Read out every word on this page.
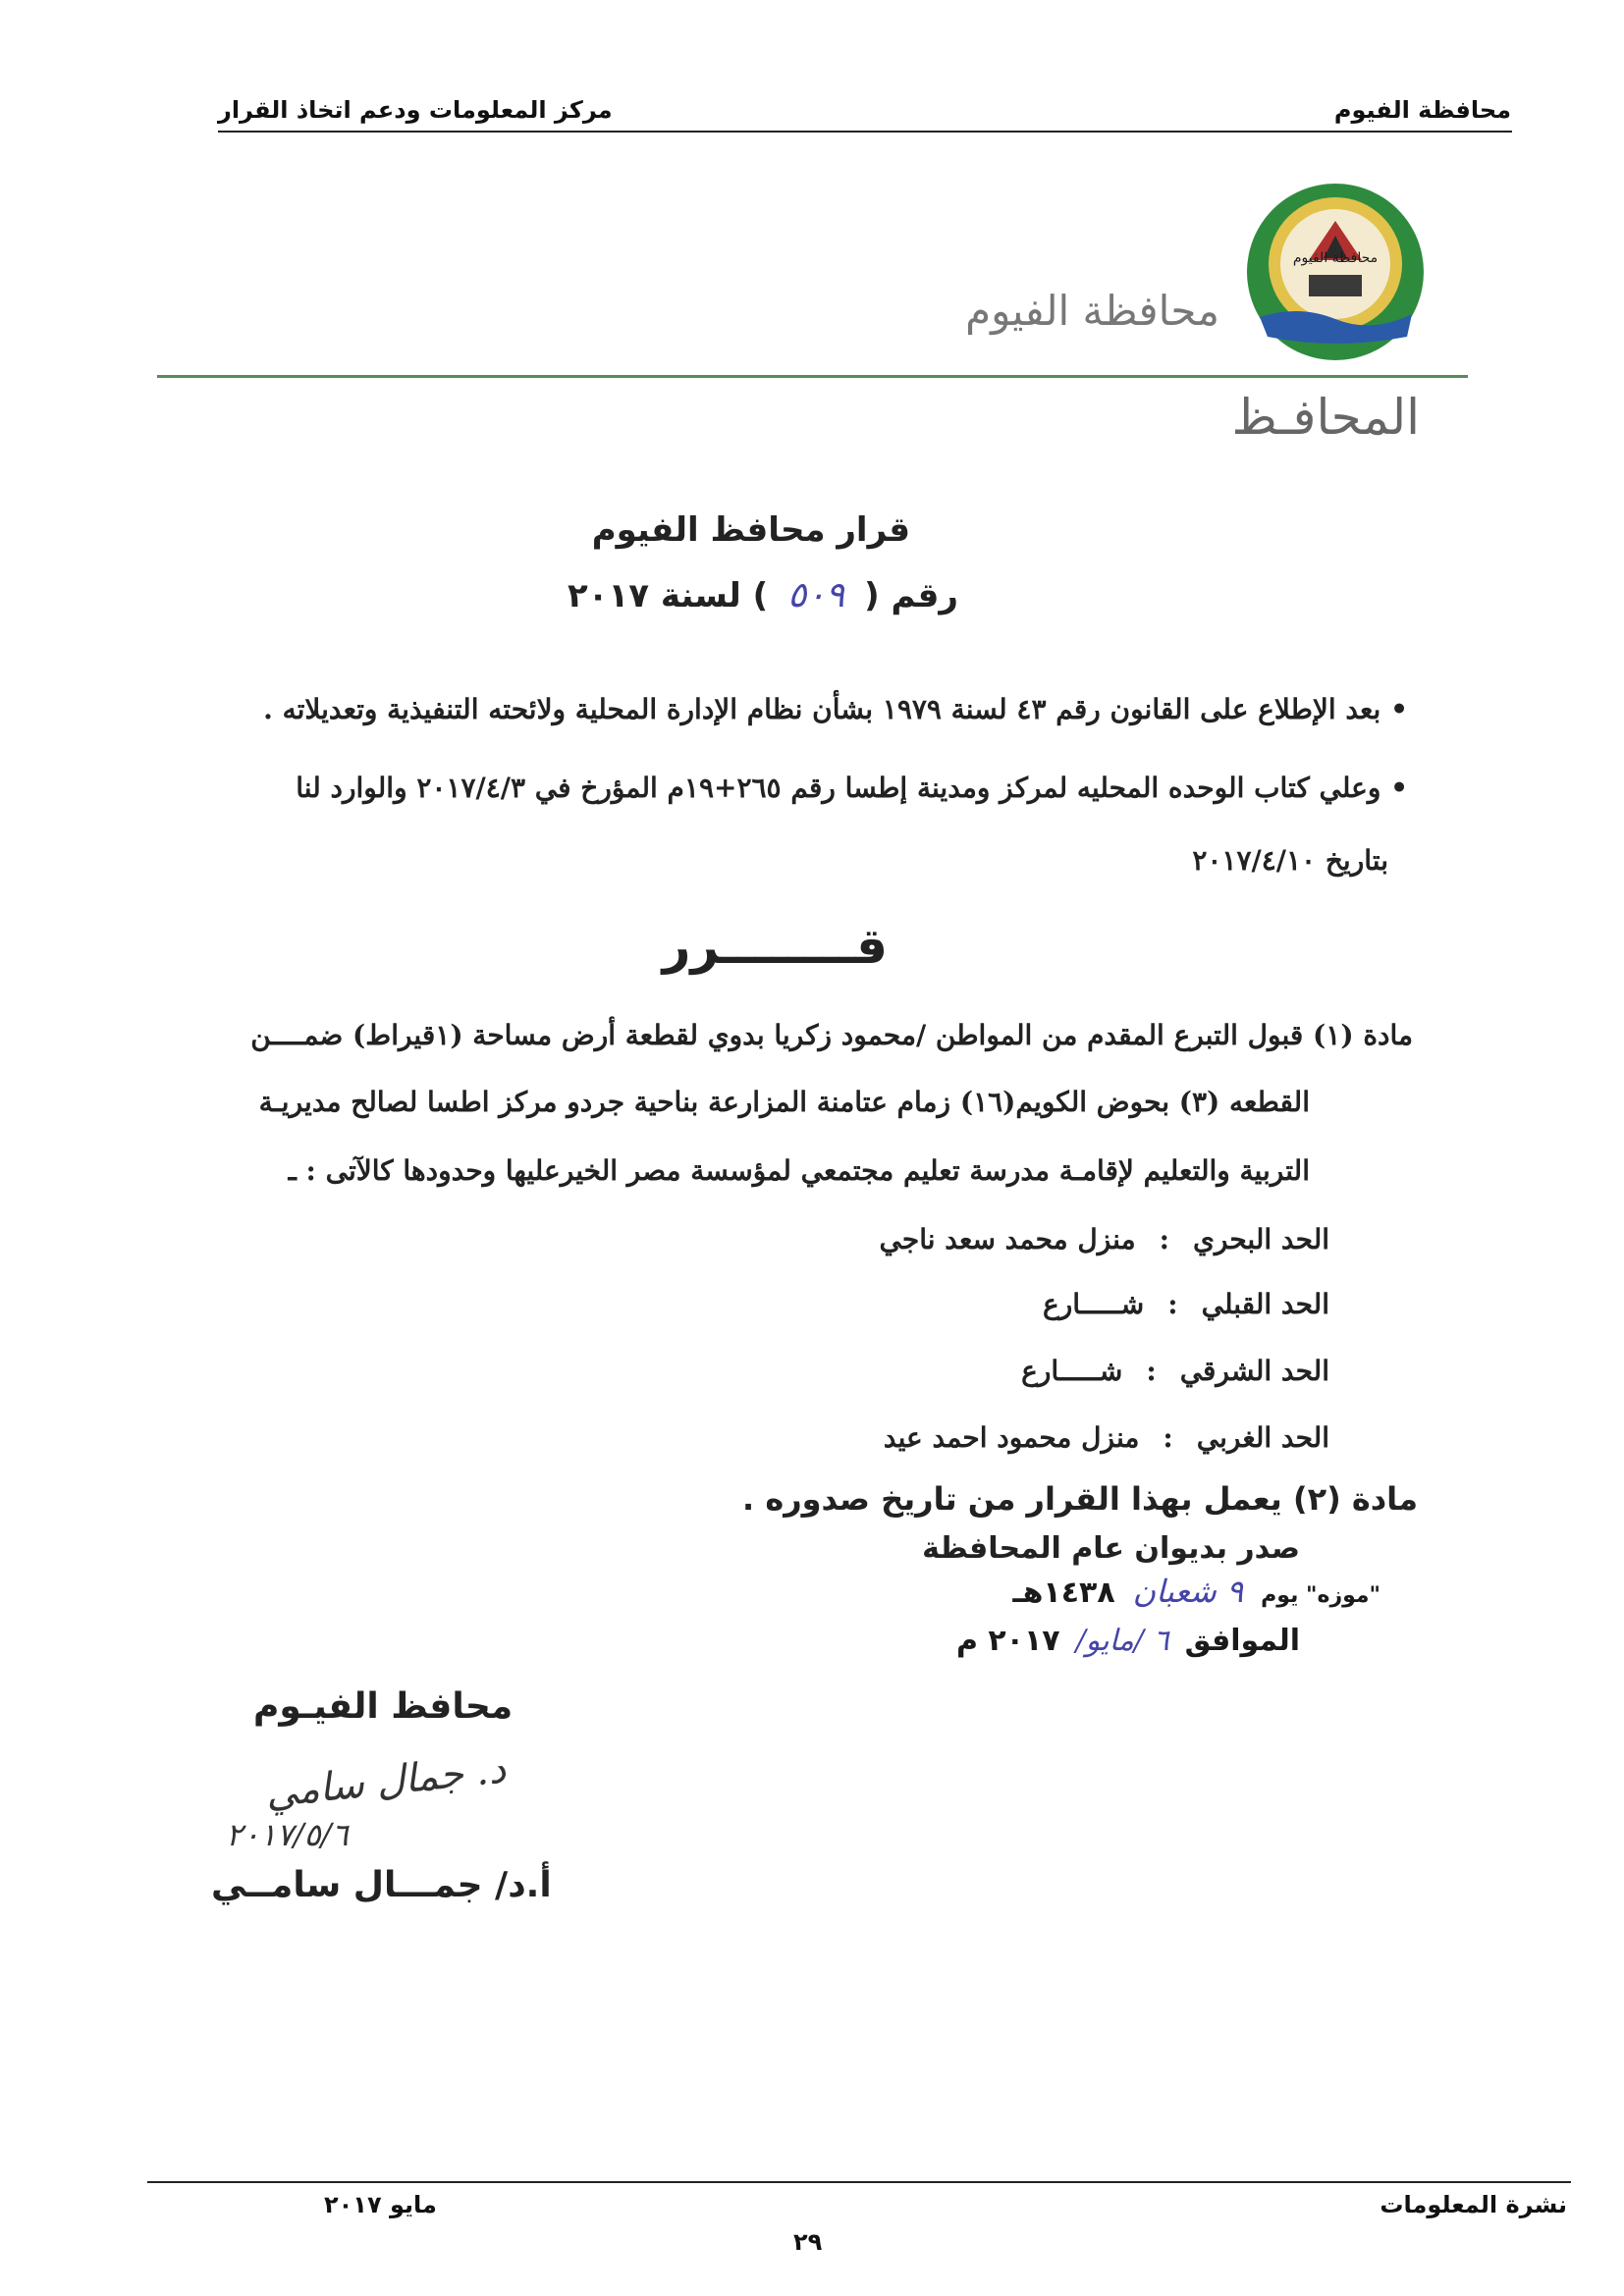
محافظة الفيوم
مركز المعلومات ودعم اتخاذ القرار
محافظة الفيوم
محافظة الفيوم
المحافـظ
قرار محافظ الفيوم
رقم (
٥٠٩
) لسنة ٢٠١٧
• بعد الإطلاع على القانون رقم ٤٣ لسنة ١٩٧٩ بشأن نظام الإدارة المحلية ولائحته التنفيذية وتعديلاته .
• وعلي كتاب الوحده المحليه لمركز ومدينة إطسا رقم ٢٦٥+١٩م المؤرخ في ٢٠١٧/٤/٣ والوارد لنا
بتاريخ ٢٠١٧/٤/١٠
قــــــــرر
مادة (١) قبول التبرع المقدم من المواطن /محمود زكريا بدوي لقطعة أرض مساحة (١قيراط) ضمــــن
القطعه (٣) بحوض الكويم(١٦) زمام عتامنة المزارعة بناحية جردو مركز اطسا لصالح مديريـة
التربية والتعليم لإقامـة مدرسة تعليم مجتمعي لمؤسسة مصر الخيرعليها وحدودها كالآتى : ـ
الحد البحري
:
منزل محمد سعد ناجي
الحد القبلي
:
شـــــارع
الحد الشرقي
:
شـــــارع
الحد الغربي
:
منزل محمود احمد عيد
مادة (٢) يعمل بهذا القرار من تاريخ صدوره .
صدر بديوان عام المحافظة
"موزه" يوم
٩ شعبان
١٤٣٨هـ
الموافق
٦ /مايو/
٢٠١٧ م
محافظ الفيـوم
د. جمال سامي
٢٠١٧/٥/٦
أ.د/ جمـــال سامــي
نشرة المعلومات
مايو ٢٠١٧
٢٩
